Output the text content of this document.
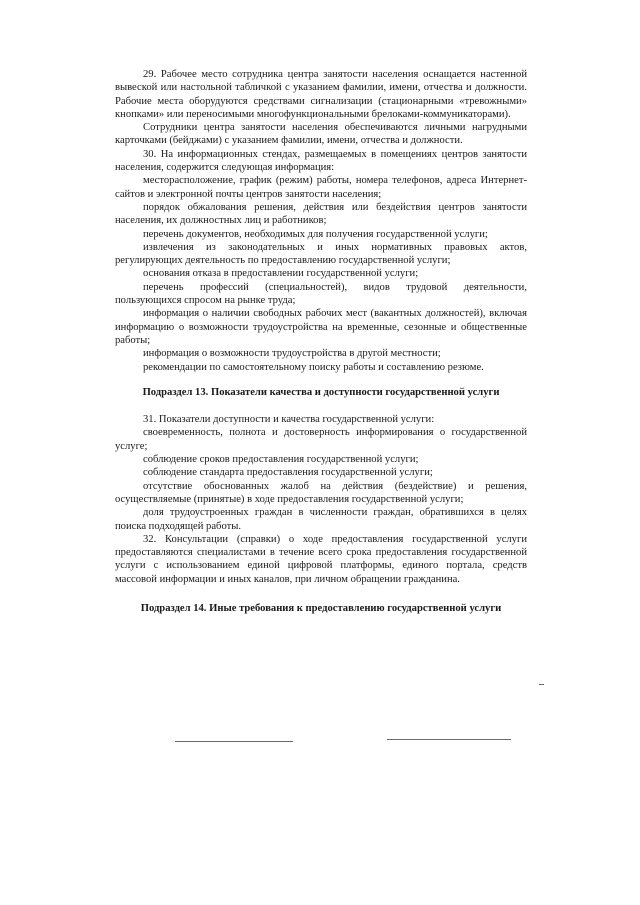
29. Рабочее место сотрудника центра занятости населения оснащается настенной вывеской или настольной табличкой с указанием фамилии, имени, отчества и должности. Рабочие места оборудуются средствами сигнализации (стационарными «тревожными» кнопками» или переносимыми многофункциональными брелоками-коммуникаторами).

Сотрудники центра занятости населения обеспечиваются личными нагрудными карточками (бейджами) с указанием фамилии, имени, отчества и должности.

30. На информационных стендах, размещаемых в помещениях центров занятости населения, содержится следующая информация:

месторасположение, график (режим) работы, номера телефонов, адреса Интернет-сайтов и электронной почты центров занятости населения;

порядок обжалования решения, действия или бездействия центров занятости населения, их должностных лиц и работников;

перечень документов, необходимых для получения государственной услуги;

извлечения из законодательных и иных нормативных правовых актов, регулирующих деятельность по предоставлению государственной услуги;

основания отказа в предоставлении государственной услуги;

перечень профессий (специальностей), видов трудовой деятельности, пользующихся спросом на рынке труда;

информация о наличии свободных рабочих мест (вакантных должностей), включая информацию о возможности трудоустройства на временные, сезонные и общественные работы;

информация о возможности трудоустройства в другой местности;

рекомендации по самостоятельному поиску работы и составлению резюме.

Подраздел 13. Показатели качества и доступности государственной услуги

31. Показатели доступности и качества государственной услуги:

своевременность, полнота и достоверность информирования о государственной услуге;

соблюдение сроков предоставления государственной услуги;

соблюдение стандарта предоставления государственной услуги;

отсутствие обоснованных жалоб на действия (бездействие) и решения, осуществляемые (принятые) в ходе предоставления государственной услуги;

доля трудоустроенных граждан в численности граждан, обратившихся в целях поиска подходящей работы.

32. Консультации (справки) о ходе предоставления государственной услуги предоставляются специалистами в течение всего срока предоставления государственной услуги с использованием единой цифровой платформы, единого портала, средств массовой информации и иных каналов, при личном обращении гражданина.

Подраздел 14. Иные требования к предоставлению государственной услуги
